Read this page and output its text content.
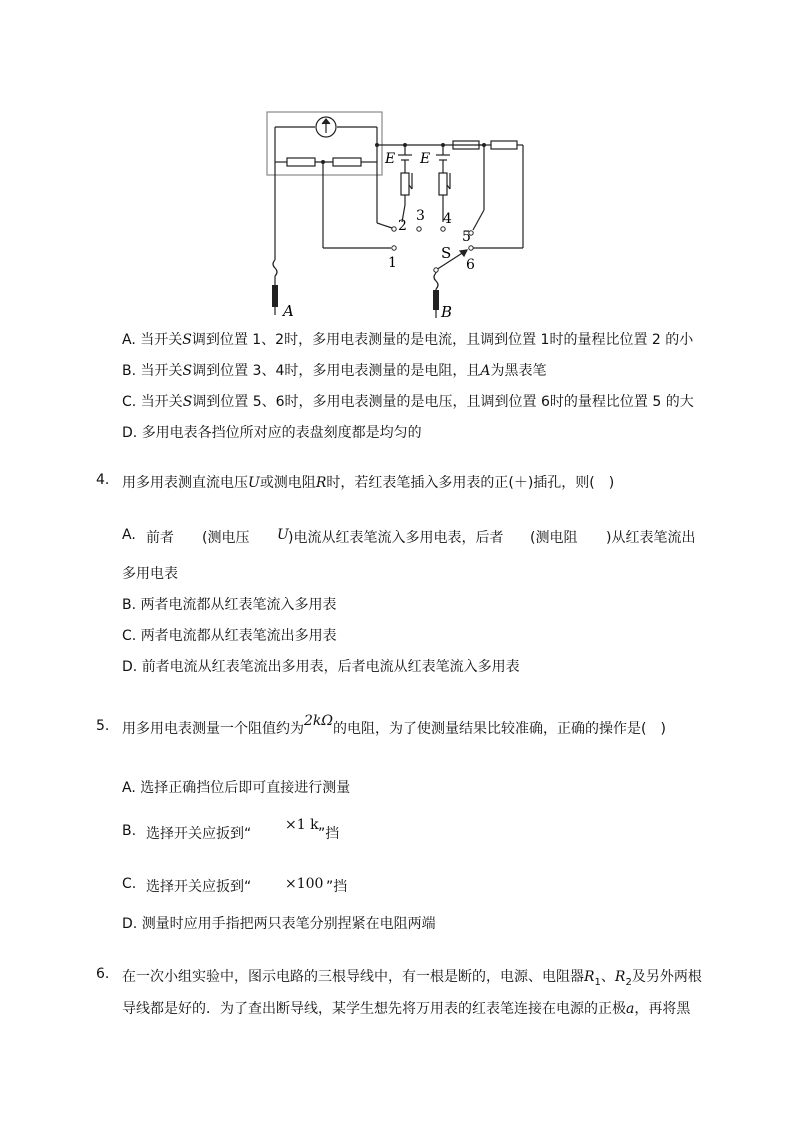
E E
1
2
3 4
5
6
S
A	B
A. 当开关S调到位置 1、2时，多用电表测量的是电流，且调到位置 1时的量程比位置 2 的小
B. 当开关S调到位置 3、4时，多用电表测量的是电阻，且A为黑表笔
C. 当开关S调到位置 5、6时，多用电表测量的是电压，且调到位置 6时的量程比位置 5 的大
D. 多用电表各挡位所对应的表盘刻度都是均匀的
4. 用多用表测直流电压U或测电阻R时，若红表笔插入多用表的正(＋)插孔，则(　)
A. 前者 (测电压 U )电流从红表笔流入多用电表，后者 (测电阻 )从红表笔流出
多用电表
B. 两者电流都从红表笔流入多用表
C. 两者电流都从红表笔流出多用表
D. 前者电流从红表笔流出多用表，后者电流从红表笔流入多用表
5. 用多用电表测量一个阻值约为2kΩ的电阻，为了使测量结果比较准确，正确的操作是(　)
A. 选择正确挡位后即可直接进行测量
B. 选择开关应扳到“
×1 k
”挡
C. 选择开关应扳到“ ×100 ”挡
D. 测量时应用手指把两只表笔分别捏紧在电阻两端
6. 在一次小组实验中，图示电路的三根导线中，有一根是断的，电源、电阻器$R_1$、$R_2$及另外两根
导线都是好的．为了查出断导线，某学生想先将万用表的红表笔连接在电源的正极a，再将黑
